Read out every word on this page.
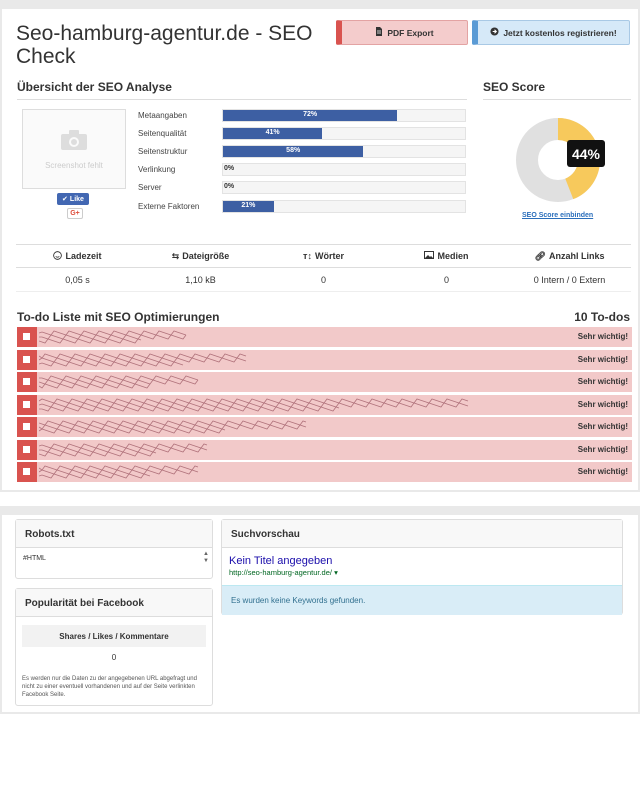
Seo-hamburg-agentur.de - SEO Check
PDF Export	Jetzt kostenlos registrieren!
Übersicht der SEO Analyse	SEO Score
Screenshot fehlt
✔ Like
G+
Metaangaben	72%
Seitenqualität	41%
Seitenstruktur	58%
Verlinkung	0%
Server	0%
Externe Faktoren	21%
44%
SEO Score einbinden
Ladezeit	⇆ Dateigröße	ᴛ↕ Wörter	Medien	🔗︎ Anzahl Links
0,05 s	1,10 kB	0	0	0 Intern / 0 Extern
To-do Liste mit SEO Optimierungen	10 To-dos
Sehr wichtig!
Sehr wichtig!
Sehr wichtig!
Sehr wichtig!
Sehr wichtig!
Sehr wichtig!
Sehr wichtig!
Robots.txt
#HTML
▲
▼
Popularität bei Facebook
Shares / Likes / Kommentare
0
Es werden nur die Daten zu der angegebenen URL abgefragt und nicht zu einer eventuell vorhandenen und auf der Seite verlinkten Facebook Seite.
Suchvorschau
Kein Titel angegeben
http://seo-hamburg-agentur.de/ ▾
Es wurden keine Keywords gefunden.
